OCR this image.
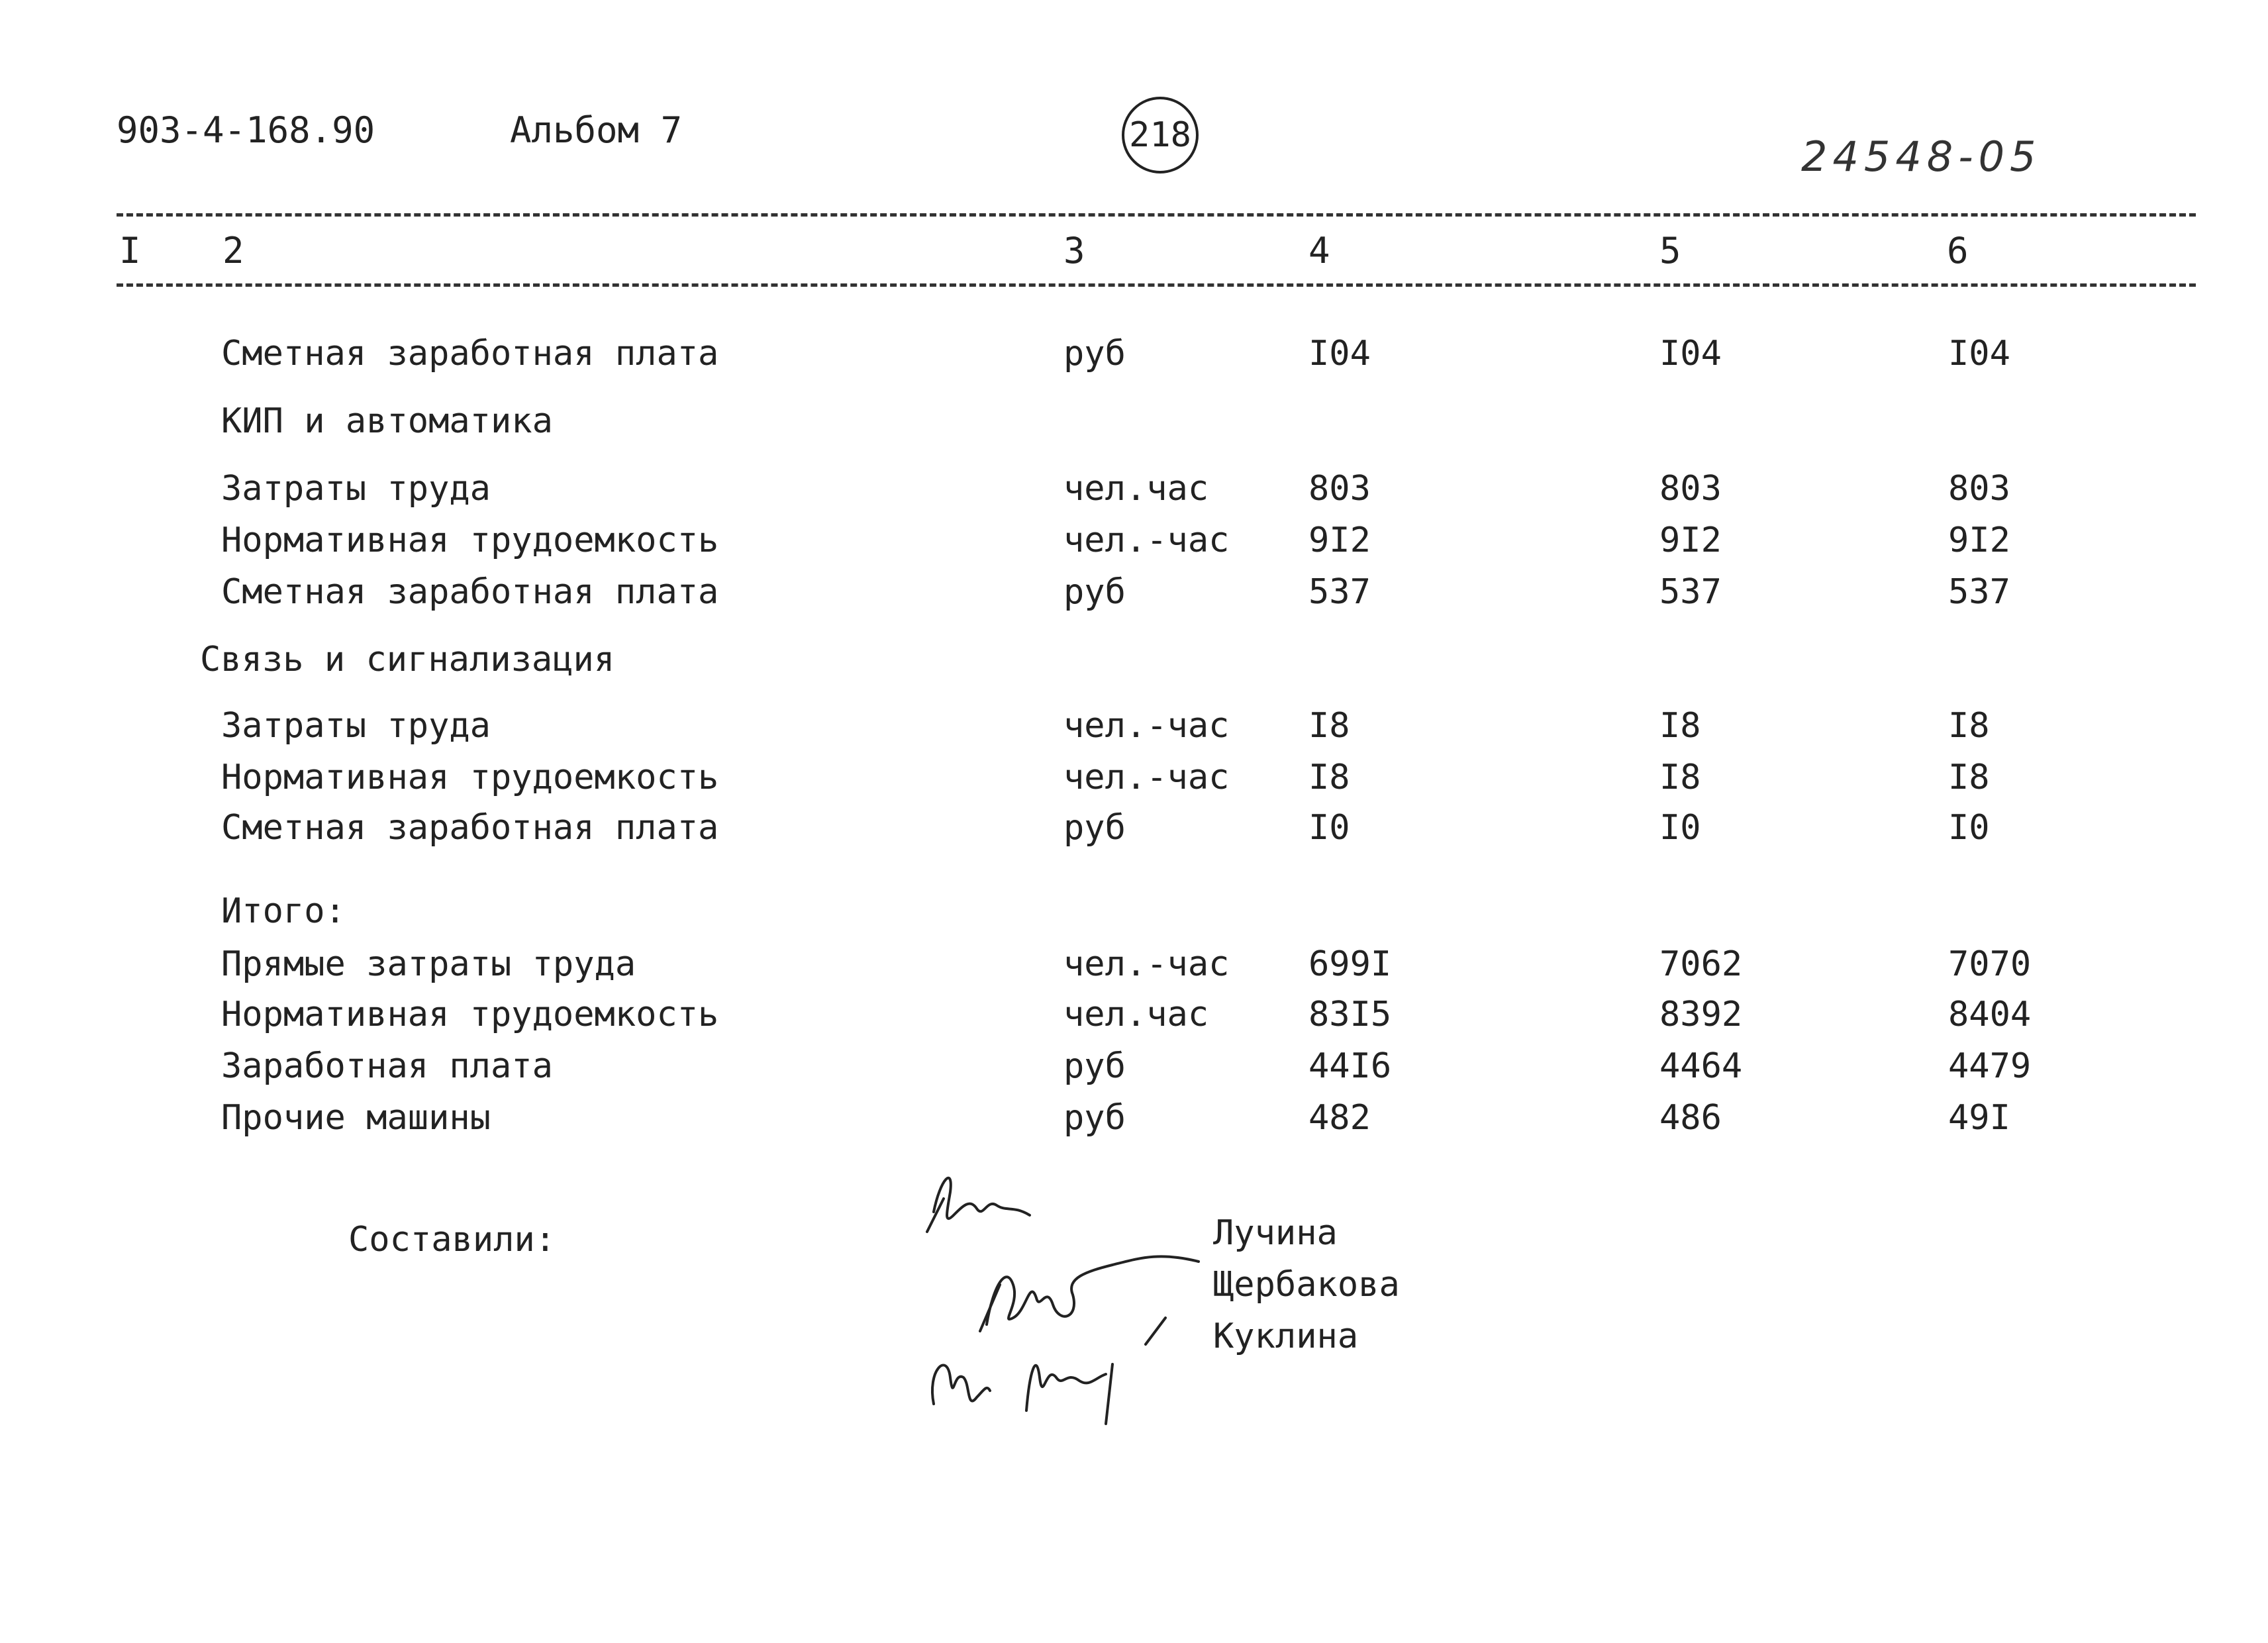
903-4-168.90	Альбом 7	218	24548-05
I 2	3	4	5	6
Сметная заработная плата	руб	I04	I04	I04
КИП и автоматика
Затраты труда	чел.час	803	803	803
Нормативная трудоемкость	чел.-час 9I2	9I2	9I2
Сметная заработная плата	руб	537	537	537
Связь и сигнализация
Затраты труда	чел.-час I8	I8	I8
Нормативная трудоемкость	чел.-час I8	I8	I8
Сметная заработная плата	руб	I0	I0	I0
Итого:
Прямые затраты труда	чел.-час 699I	7062	7070
Нормативная трудоемкость	чел.час	83I5	8392	8404
Заработная плата	руб	44I6	4464	4479
Прочие машины	руб	482	486	49I
Составили:	Лучина
Щербакова
Куклина
